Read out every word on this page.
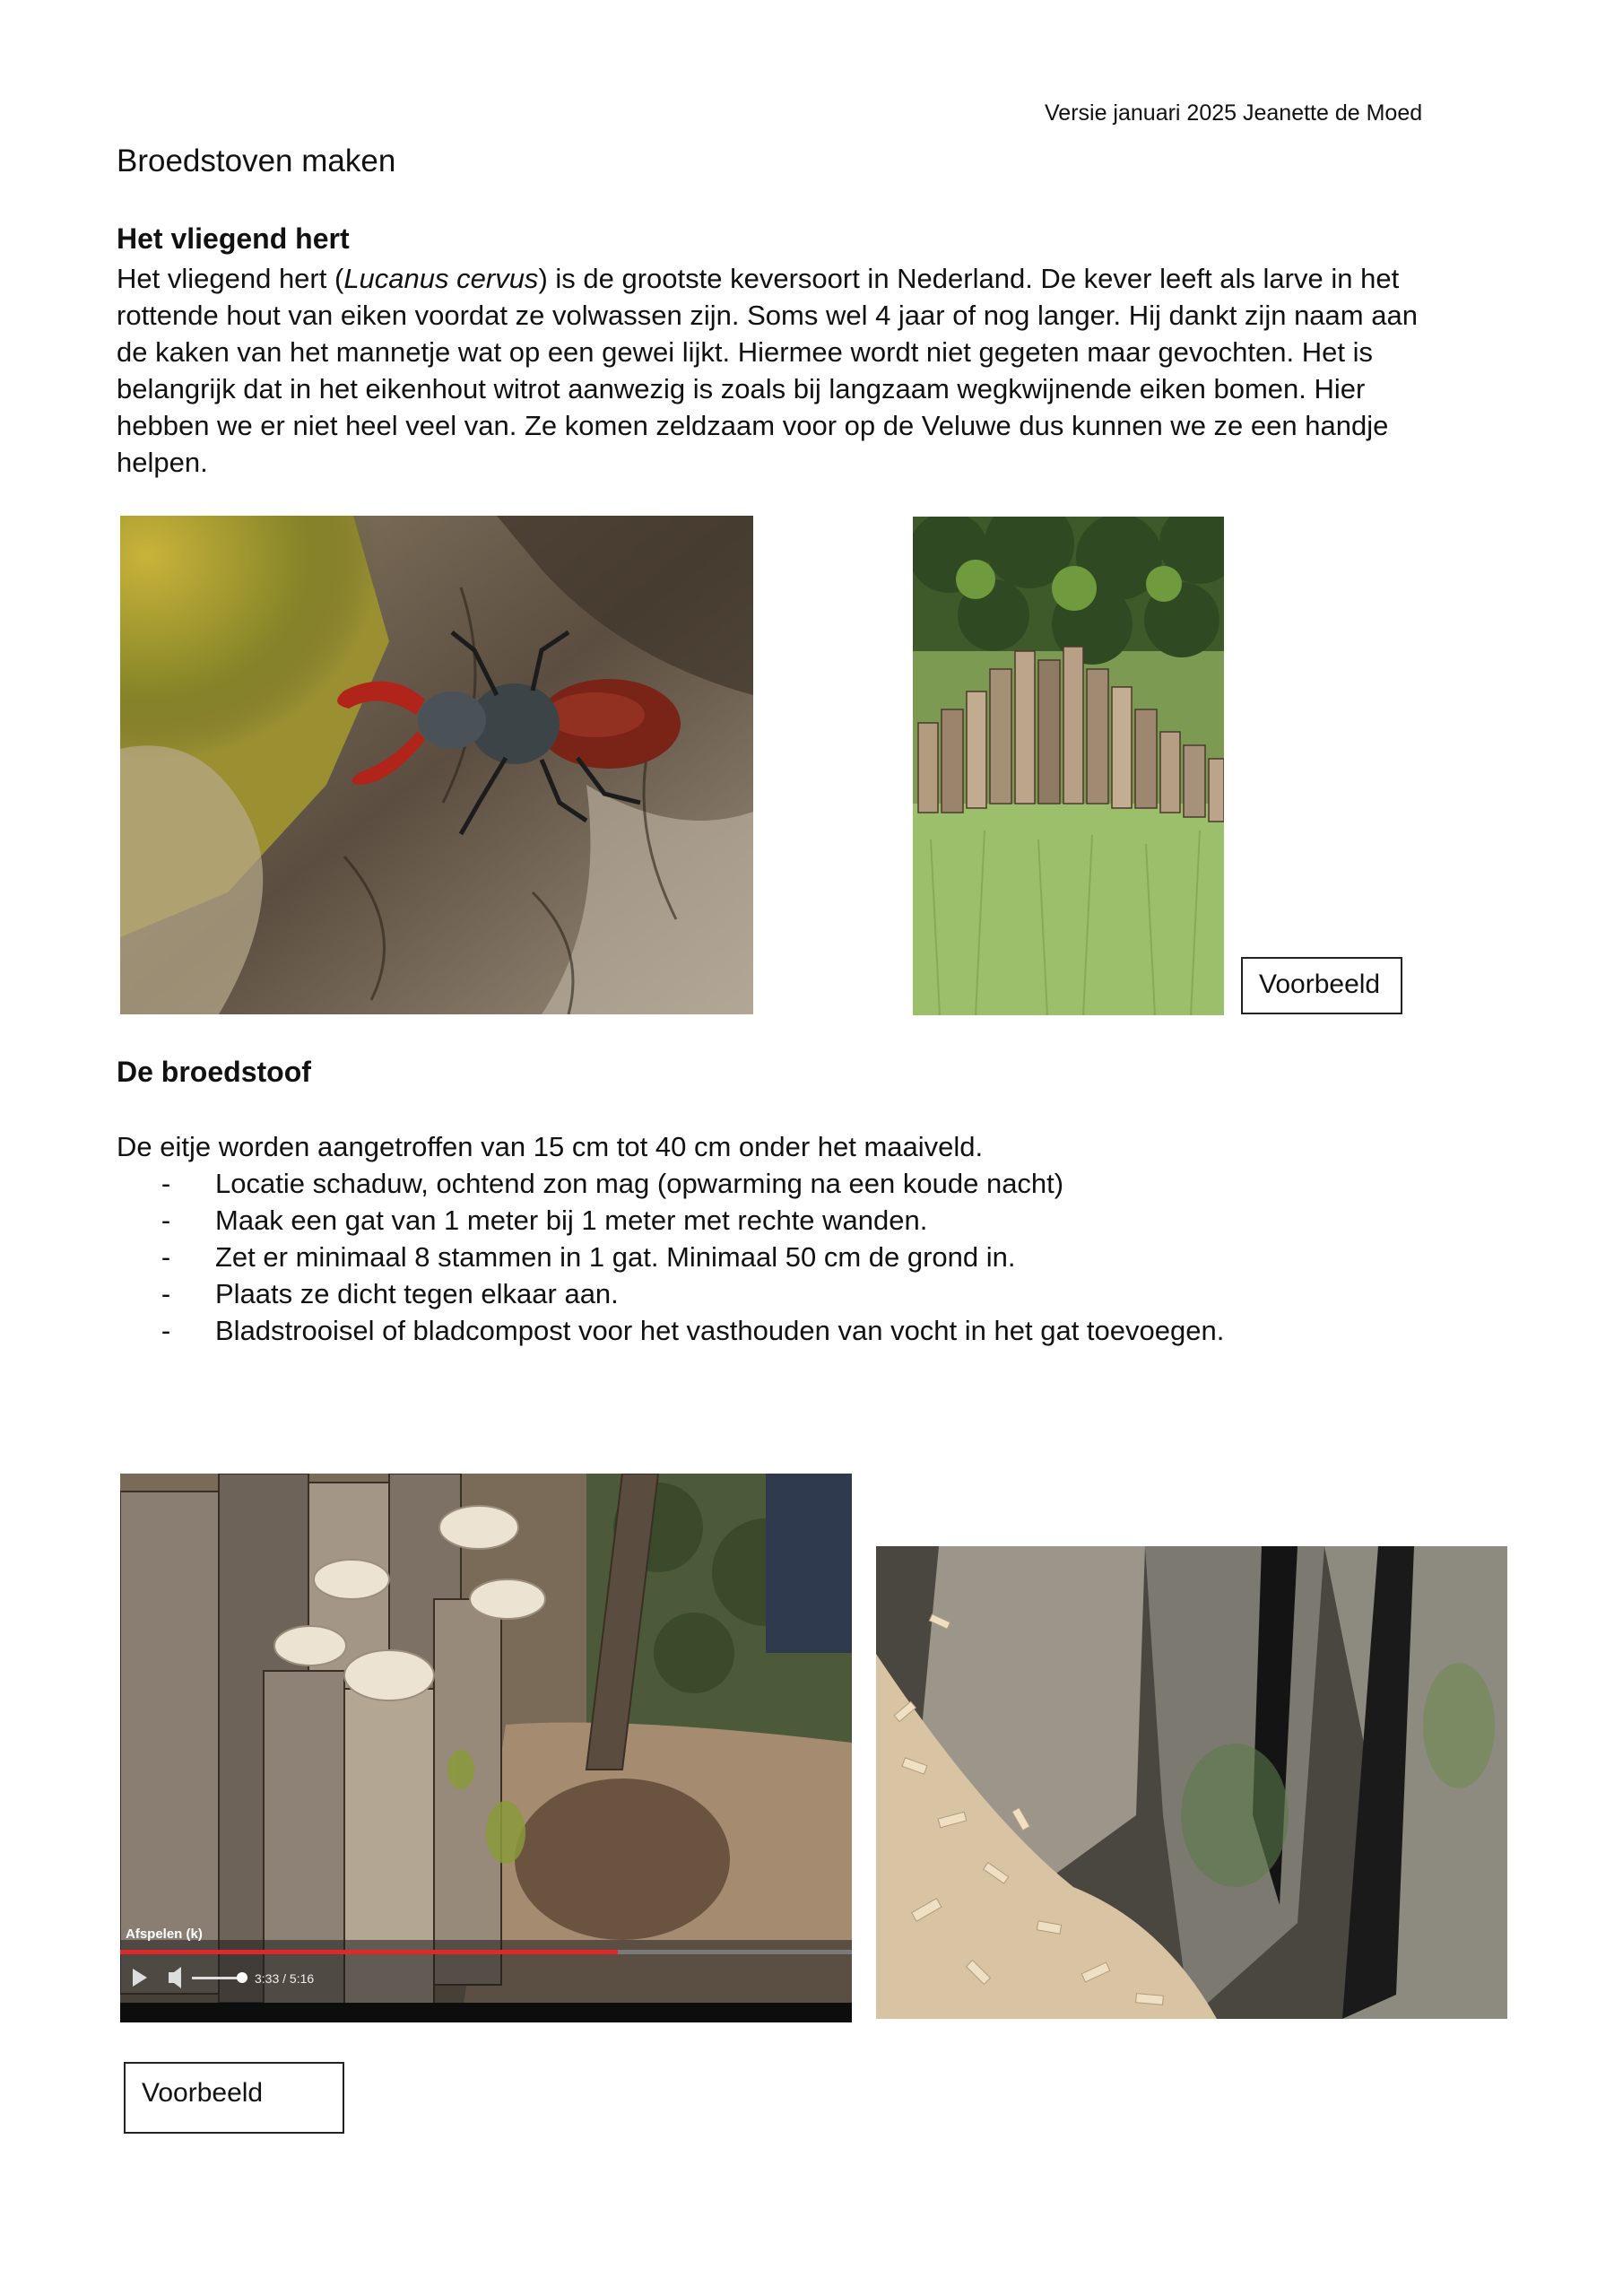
Versie januari 2025 Jeanette de Moed
Broedstoven maken
Het vliegend hert

Het vliegend hert (Lucanus cervus) is de grootste keversoort in Nederland. De kever leeft als larve in het rottende hout van eiken voordat ze volwassen zijn. Soms wel 4 jaar of nog langer. Hij dankt zijn naam aan de kaken van het mannetje wat op een gewei lijkt. Hiermee wordt niet gegeten maar gevochten. Het is belangrijk dat in het eikenhout witrot aanwezig is zoals bij langzaam wegkwijnende eiken bomen. Hier hebben we er niet heel veel van. Ze komen zeldzaam voor op de Veluwe dus kunnen we ze een handje helpen.

Voorbeeld
De broedstoof

De eitje worden aangetroffen van 15 cm tot 40 cm onder het maaiveld.

-	Locatie schaduw, ochtend zon mag (opwarming na een koude nacht)
-	Maak een gat van 1 meter bij 1 meter met rechte wanden.
-	Zet er minimaal 8 stammen in 1 gat. Minimaal 50 cm de grond in.
-	Plaats ze dicht tegen elkaar aan.
-	Bladstrooisel of bladcompost voor het vasthouden van vocht in het gat toevoegen.
Afspelen (k)
3:33 / 5:16
Voorbeeld
